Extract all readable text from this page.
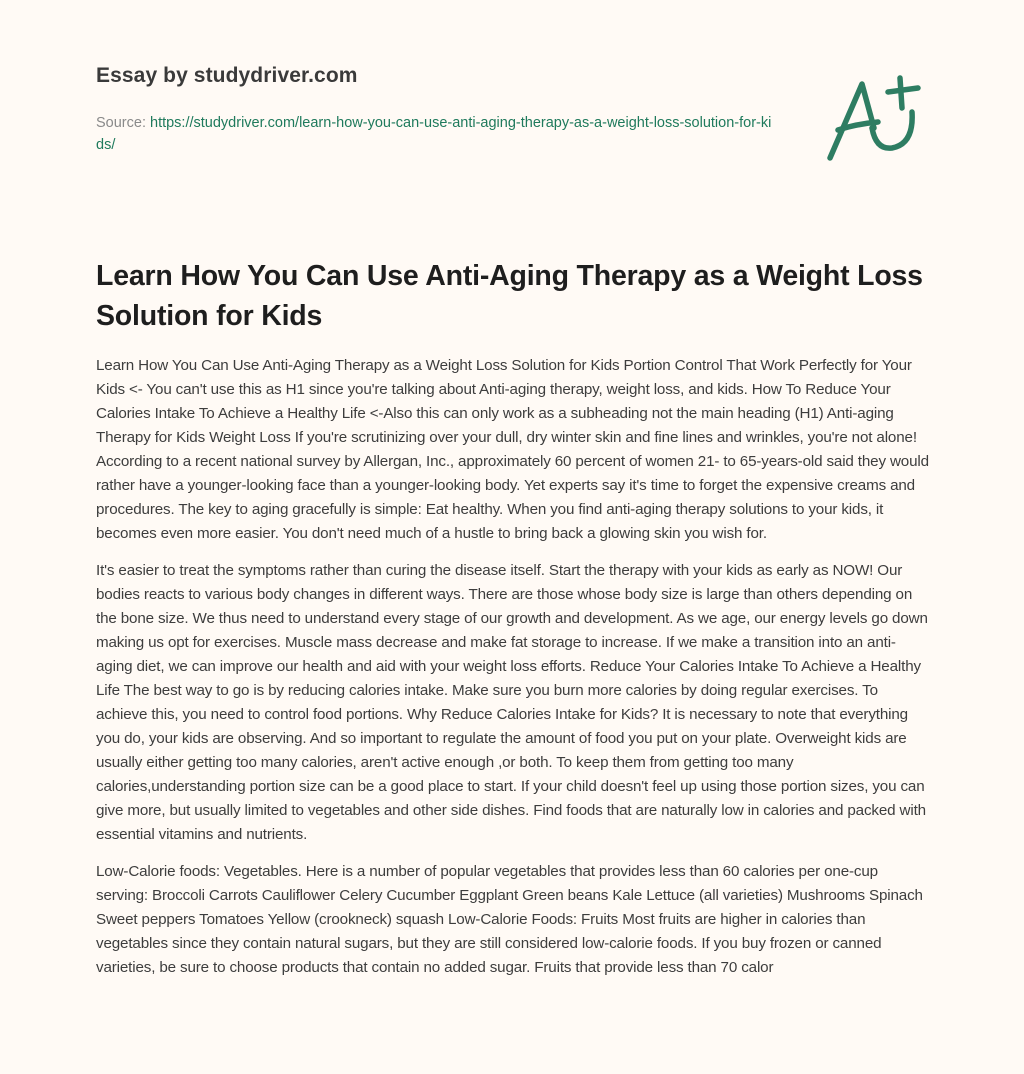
Essay by studydriver.com
Source: https://studydriver.com/learn-how-you-can-use-anti-aging-therapy-as-a-weight-loss-solution-for-kids/
Learn How You Can Use Anti-Aging Therapy as a Weight Loss Solution for Kids

Learn How You Can Use Anti-Aging Therapy as a Weight Loss Solution for Kids Portion Control That Work Perfectly for Your Kids <- You can't use this as H1 since you're talking about Anti-aging therapy, weight loss, and kids. How To Reduce Your Calories Intake To Achieve a Healthy Life <-Also this can only work as a subheading not the main heading (H1) Anti-aging Therapy for Kids Weight Loss If you're scrutinizing over your dull, dry winter skin and fine lines and wrinkles, you're not alone! According to a recent national survey by Allergan, Inc., approximately 60 percent of women 21- to 65-years-old said they would rather have a younger-looking face than a younger-looking body. Yet experts say it's time to forget the expensive creams and procedures. The key to aging gracefully is simple: Eat healthy. When you find anti-aging therapy solutions to your kids, it becomes even more easier. You don't need much of a hustle to bring back a glowing skin you wish for.

It's easier to treat the symptoms rather than curing the disease itself. Start the therapy with your kids as early as NOW! Our bodies reacts to various body changes in different ways. There are those whose body size is large than others depending on the bone size. We thus need to understand every stage of our growth and development. As we age, our energy levels go down making us opt for exercises. Muscle mass decrease and make fat storage to increase. If we make a transition into an anti-aging diet, we can improve our health and aid with your weight loss efforts. Reduce Your Calories Intake To Achieve a Healthy Life The best way to go is by reducing calories intake. Make sure you burn more calories by doing regular exercises. To achieve this, you need to control food portions. Why Reduce Calories Intake for Kids? It is necessary to note that everything you do, your kids are observing. And so important to regulate the amount of food you put on your plate. Overweight kids are usually either getting too many calories, aren't active enough ,or both. To keep them from getting too many calories,understanding portion size can be a good place to start. If your child doesn't feel up using those portion sizes, you can give more, but usually limited to vegetables and other side dishes. Find foods that are naturally low in calories and packed with essential vitamins and nutrients.

Low-Calorie foods: Vegetables. Here is a number of popular vegetables that provides less than 60 calories per one-cup serving: Broccoli Carrots Cauliflower Celery Cucumber Eggplant Green beans Kale Lettuce (all varieties) Mushrooms Spinach Sweet peppers Tomatoes Yellow (crookneck) squash Low-Calorie Foods: Fruits Most fruits are higher in calories than vegetables since they contain natural sugars, but they are still considered low-calorie foods. If you buy frozen or canned varieties, be sure to choose products that contain no added sugar. Fruits that provide less than 70 calor
